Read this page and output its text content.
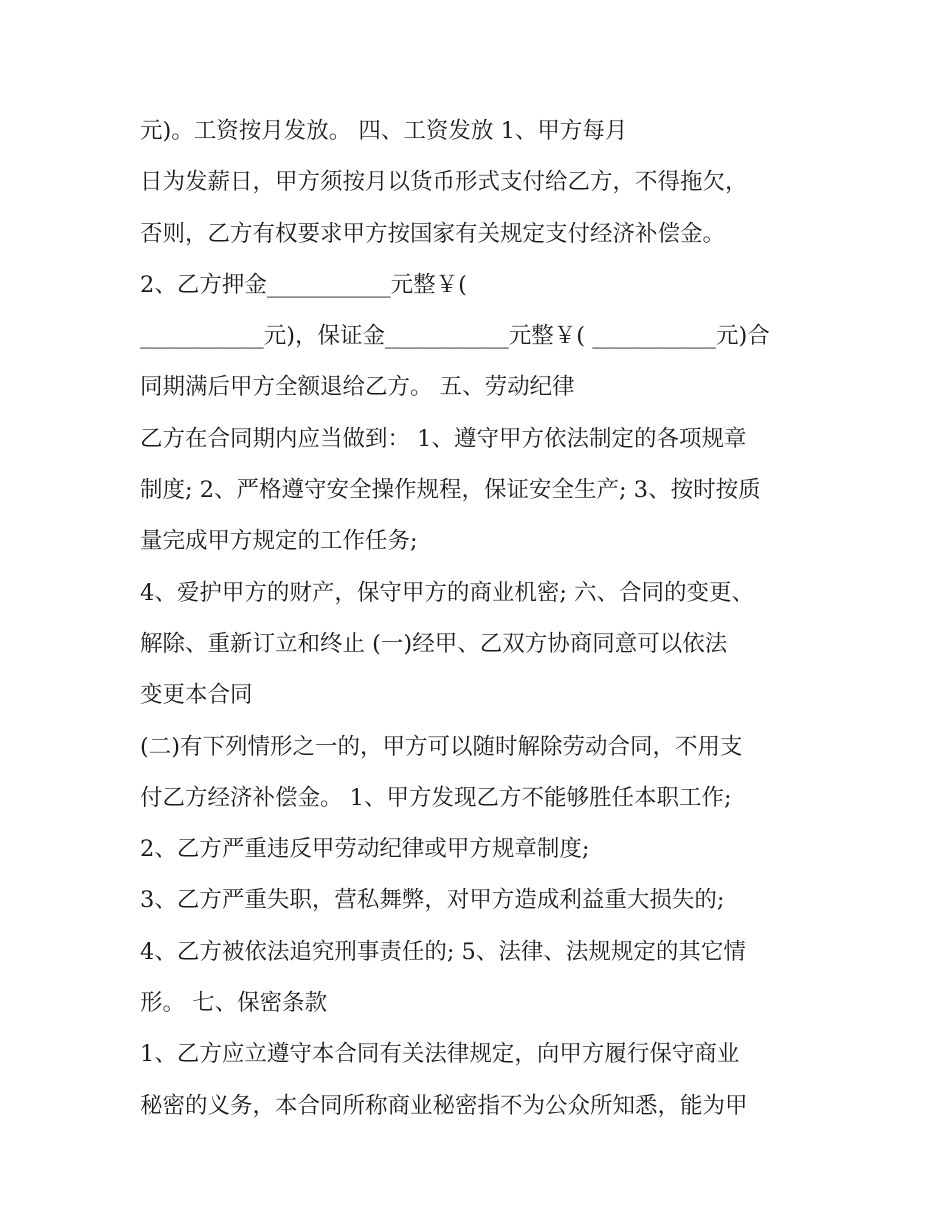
元)。工资按月发放。 四、工资发放 1、甲方每月
日为发薪日，甲方须按月以货币形式支付给乙方，不得拖欠，
否则，乙方有权要求甲方按国家有关规定支付经济补偿金。
2、乙方押金___________元整￥(
___________元)，保证金___________元整￥( ___________元)合
同期满后甲方全额退给乙方。 五、劳动纪律
乙方在合同期内应当做到： 1、遵守甲方依法制定的各项规章
制度; 2、严格遵守安全操作规程，保证安全生产; 3、按时按质
量完成甲方规定的工作任务;
4、爱护甲方的财产，保守甲方的商业机密; 六、合同的变更、
解除、重新订立和终止 (一)经甲、乙双方协商同意可以依法
变更本合同
(二)有下列情形之一的，甲方可以随时解除劳动合同，不用支
付乙方经济补偿金。 1、甲方发现乙方不能够胜任本职工作;
2、乙方严重违反甲劳动纪律或甲方规章制度;
3、乙方严重失职，营私舞弊，对甲方造成利益重大损失的;
4、乙方被依法追究刑事责任的; 5、法律、法规规定的其它情
形。 七、保密条款
1、乙方应立遵守本合同有关法律规定，向甲方履行保守商业
秘密的义务，本合同所称商业秘密指不为公众所知悉，能为甲
